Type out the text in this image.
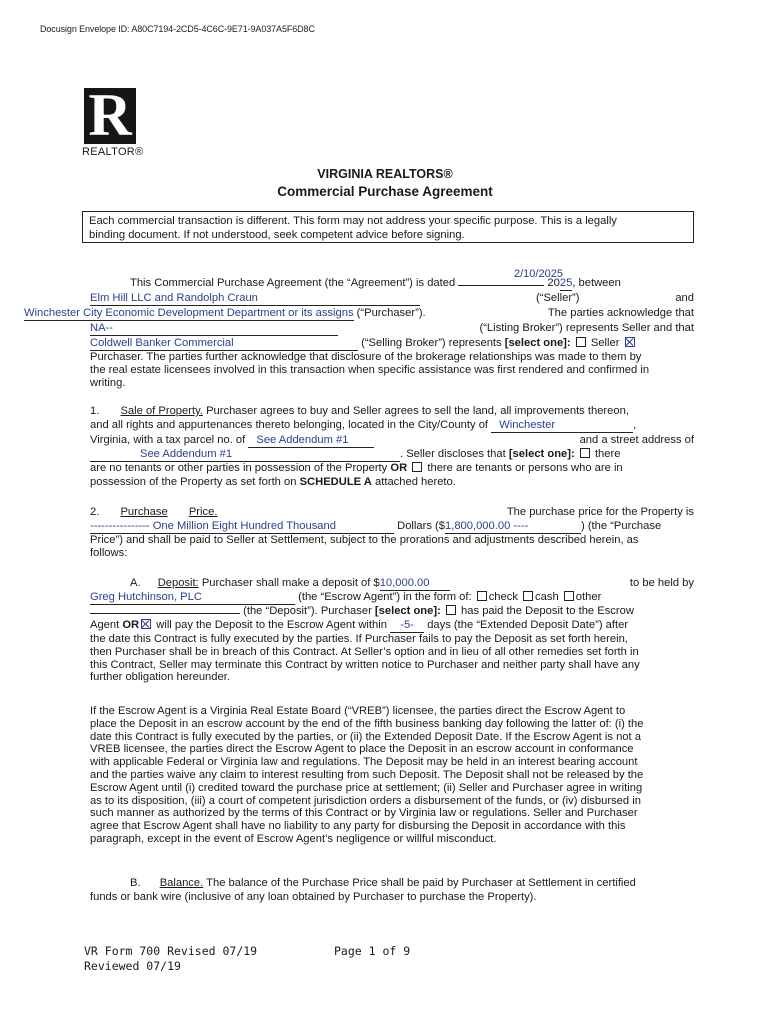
Docusign Envelope ID: A80C7194-2CD5-4C6C-9E71-9A037A5F6D8C
R
REALTOR®
VIRGINIA REALTORS®
Commercial Purchase Agreement
Each commercial transaction is different. This form may not address your specific purpose. This is a legally
binding document. If not understood, seek competent advice before signing.
2/10/2025
This Commercial Purchase Agreement (the “Agreement”) is dated	2025, between
Elm Hill LLC and Randolph Craun	(“Seller”)	and
Winchester City Economic Development Department or its assigns (“Purchaser”).	The parties acknowledge that
NA--	(“Listing Broker”) represents Seller and that
Coldwell Banker Commercial	(“Selling Broker”) represents [select one]: Seller
Purchaser. The parties further acknowledge that disclosure of the brokerage relationships was made to them by
the real estate licensees involved in this transaction when specific assistance was first rendered and confirmed in
writing.
1. Sale of Property. Purchaser agrees to buy and Seller agrees to sell the land, all improvements thereon,
and all rights and appurtenances thereto belonging, located in the City/County of Winchester	,
Virginia, with a tax parcel no. of See Addendum #1	and a street address of
See Addendum #1	. Seller discloses that [select one]: there
are no tenants or other parties in possession of the Property OR there are tenants or persons who are in
possession of the Property as set forth on SCHEDULE A attached hereto.
2. Purchase Price.	The purchase price for the Property is
---------------- One Million Eight Hundred Thousand	Dollars ($1,800,000.00 ----	) (the “Purchase
Price”) and shall be paid to Seller at Settlement, subject to the prorations and adjustments described herein, as
follows:
A. Deposit: Purchaser shall make a deposit of $10,000.00	to be held by
Greg Hutchinson, PLC	(the “Escrow Agent”) in the form of: check cash other
(the “Deposit”). Purchaser [select one]: has paid the Deposit to the Escrow
Agent OR will pay the Deposit to the Escrow Agent within -5- days (the “Extended Deposit Date”) after
the date this Contract is fully executed by the parties. If Purchaser fails to pay the Deposit as set forth herein,
then Purchaser shall be in breach of this Contract. At Seller’s option and in lieu of all other remedies set forth in
this Contract, Seller may terminate this Contract by written notice to Purchaser and neither party shall have any
further obligation hereunder.
If the Escrow Agent is a Virginia Real Estate Board (“VREB”) licensee, the parties direct the Escrow Agent to
place the Deposit in an escrow account by the end of the fifth business banking day following the latter of: (i) the
date this Contract is fully executed by the parties, or (ii) the Extended Deposit Date. If the Escrow Agent is not a
VREB licensee, the parties direct the Escrow Agent to place the Deposit in an escrow account in conformance
with applicable Federal or Virginia law and regulations. The Deposit may be held in an interest bearing account
and the parties waive any claim to interest resulting from such Deposit. The Deposit shall not be released by the
Escrow Agent until (i) credited toward the purchase price at settlement; (ii) Seller and Purchaser agree in writing
as to its disposition, (iii) a court of competent jurisdiction orders a disbursement of the funds, or (iv) disbursed in
such manner as authorized by the terms of this Contract or by Virginia law or regulations. Seller and Purchaser
agree that Escrow Agent shall have no liability to any party for disbursing the Deposit in accordance with this
paragraph, except in the event of Escrow Agent’s negligence or willful misconduct.
B. Balance. The balance of the Purchase Price shall be paid by Purchaser at Settlement in certified
funds or bank wire (inclusive of any loan obtained by Purchaser to purchase the Property).
VR Form 700 Revised 07/19
Reviewed 07/19
Page 1 of 9
